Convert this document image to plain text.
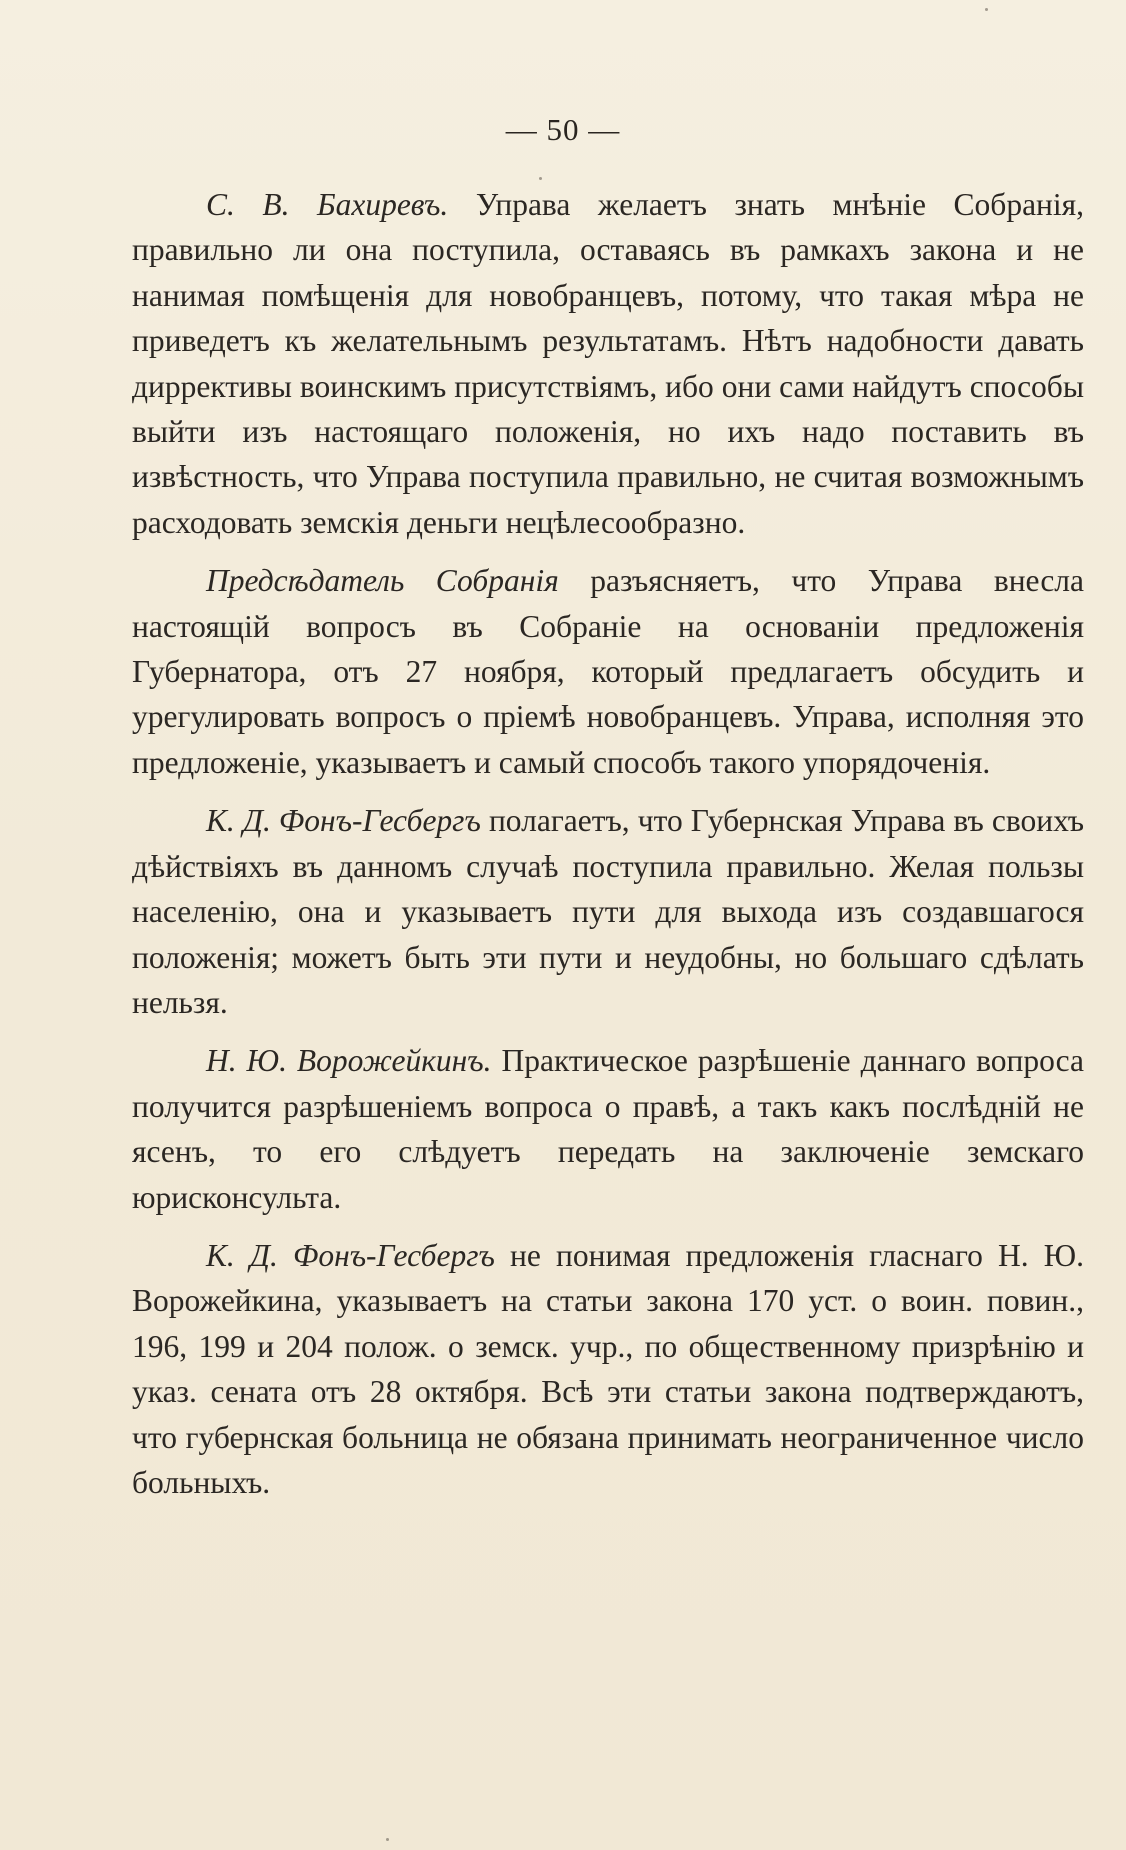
— 50 —

С. В. Бахиревъ. Управа желаетъ знать мнѣніе Собранія, правильно ли она поступила, оставаясь въ рамкахъ закона и не нанимая помѣщенія для новобранцевъ, потому, что такая мѣра не приведетъ къ желательнымъ результатамъ. Нѣтъ надобности давать диррективы воинскимъ присутствіямъ, ибо они сами найдутъ способы выйти изъ настоящаго положенія, но ихъ надо поставить въ извѣстность, что Управа поступила правильно, не считая возможнымъ расходовать земскія деньги нецѣлесообразно.

Предсѣдатель Собранія разъясняетъ, что Управа внесла настоящій вопросъ въ Собраніе на основаніи предложенія Губернатора, отъ 27 ноября, который предлагаетъ обсудить и урегулировать вопросъ о пріемѣ новобранцевъ. Управа, исполняя это предложеніе, указываетъ и самый способъ такого упорядоченія.

К. Д. Фонъ-Гесбергъ полагаетъ, что Губернская Управа въ своихъ дѣйствіяхъ въ данномъ случаѣ поступила правильно. Желая пользы населенію, она и указываетъ пути для выхода изъ создавшагося положенія; можетъ быть эти пути и неудобны, но большаго сдѣлать нельзя.

Н. Ю. Ворожейкинъ. Практическое разрѣшеніе даннаго вопроса получится разрѣшеніемъ вопроса о правѣ, а такъ какъ послѣдній не ясенъ, то его слѣдуетъ передать на заключеніе земскаго юрисконсульта.

К. Д. Фонъ-Гесбергъ не понимая предложенія гласнаго Н. Ю. Ворожейкина, указываетъ на статьи закона 170 уст. о воин. повин., 196, 199 и 204 полож. о земск. учр., по общественному призрѣнію и указ. сената отъ 28 октября. Всѣ эти статьи закона подтверждаютъ, что губернская больница не обязана принимать неограниченное число больныхъ.
